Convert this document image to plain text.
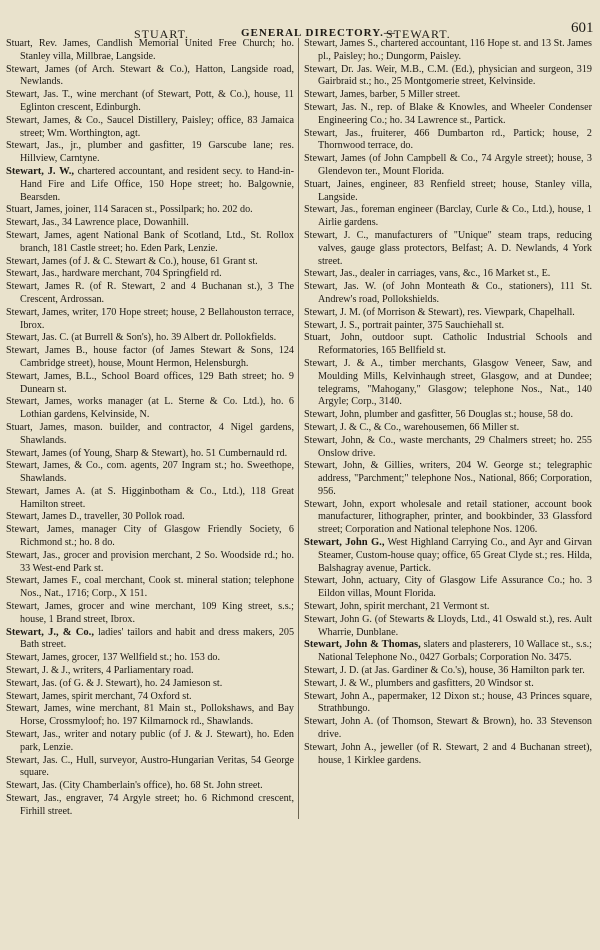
STUART.	GENERAL DIRECTORY.—
STEWART.	601

Stuart, Rev. James, Candlish Memorial United Free Church; ho. Stanley villa, Millbrae, Langside.

Stewart, James (of Arch. Stewart & Co.), Hatton, Langside road, Newlands.

Stewart, Jas. T., wine merchant (of Stewart, Pott, & Co.), house, 11 Eglinton crescent, Edinburgh.

Stewart, James, & Co., Saucel Distillery, Paisley; office, 83 Jamaica street; Wm. Worthington, agt.

Stewart, Jas., jr., plumber and gasfitter, 19 Garscube lane; res. Hillview, Carntyne.

Stewart, J. W., chartered accountant, and resident secy. to Hand-in-Hand Fire and Life Office, 150 Hope street; ho. Balgownie, Bearsden.

Stuart, James, joiner, 114 Saracen st., Possilpark; ho. 202 do.

Stewart, Jas., 34 Lawrence place, Dowanhill.

Stewart, James, agent National Bank of Scotland, Ltd., St. Rollox branch, 181 Castle street; ho. Eden Park, Lenzie.

Stewart, James (of J. & C. Stewart & Co.), house, 61 Grant st.

Stewart, Jas., hardware merchant, 704 Springfield rd.

Stewart, James R. (of R. Stewart, 2 and 4 Buchanan st.), 3 The Crescent, Ardrossan.

Stewart, James, writer, 170 Hope street; house, 2 Bellahouston terrace, Ibrox.

Stewart, Jas. C. (at Burrell & Son's), ho. 39 Albert dr. Pollokfields.

Stewart, James B., house factor (of James Stewart & Sons, 124 Cambridge street), house, Mount Hermon, Helensburgh.

Stewart, James, B.L., School Board offices, 129 Bath street; ho. 9 Dunearn st.

Stewart, James, works manager (at L. Sterne & Co. Ltd.), ho. 6 Lothian gardens, Kelvinside, N.

Stuart, James, mason. builder, and contractor, 4 Nigel gardens, Shawlands.

Stewart, James (of Young, Sharp & Stewart), ho. 51 Cumbernauld rd.

Stewart, James, & Co., com. agents, 207 Ingram st.; ho. Sweethope, Shawlands.

Stewart, James A. (at S. Higginbotham & Co., Ltd.), 118 Great Hamilton street.

Stewart, James D., traveller, 30 Pollok road.

Stewart, James, manager City of Glasgow Friendly Society, 6 Richmond st.; ho. 8 do.

Stewart, Jas., grocer and provision merchant, 2 So. Woodside rd.; ho. 33 West-end Park st.

Stewart, James F., coal merchant, Cook st. mineral station; telephone Nos., Nat., 1716; Corp., X 151.

Stewart, James, grocer and wine merchant, 109 King street, s.s.; house, 1 Brand street, Ibrox.

Stewart, J., & Co., ladies' tailors and habit and dress makers, 205 Bath street.

Stewart, James, grocer, 137 Wellfield st.; ho. 153 do.

Stewart, J. & J., writers, 4 Parliamentary road.

Stewart, Jas. (of G. & J. Stewart), ho. 24 Jamieson st.

Stewart, James, spirit merchant, 74 Oxford st.

Stewart, James, wine merchant, 81 Main st., Pollokshaws, and Bay Horse, Crossmyloof; ho. 197 Kilmarnock rd., Shawlands.

Stewart, Jas., writer and notary public (of J. & J. Stewart), ho. Eden park, Lenzie.

Stewart, Jas. C., Hull, surveyor, Austro-Hungarian Veritas, 54 George square.

Stewart, Jas. (City Chamberlain's office), ho. 68 St. John street.

Stewart, Jas., engraver, 74 Argyle street; ho. 6 Richmond crescent, Firhill street.

Stewart, James S., chartered accountant, 116 Hope st. and 13 St. James pl., Paisley; ho.; Dungorm, Paisley.

Stewart, Dr. Jas. Weir, M.B., C.M. (Ed.), physician and surgeon, 319 Gairbraid st.; ho., 25 Montgomerie street, Kelvinside.

Stewart, James, barber, 5 Miller street.

Stewart, Jas. N., rep. of Blake & Knowles, and Wheeler Condenser Engineering Co.; ho. 34 Lawrence st., Partick.

Stewart, Jas., fruiterer, 466 Dumbarton rd., Partick; house, 2 Thornwood terrace, do.

Stewart, James (of John Campbell & Co., 74 Argyle street); house, 3 Glendevon ter., Mount Florida.

Stuart, Jaines, engineer, 83 Renfield street; house, Stanley villa, Langside.

Stewart, Jas., foreman engineer (Barclay, Curle & Co., Ltd.), house, 1 Airlie gardens.

Stewart, J. C., manufacturers of "Unique" steam traps, reducing valves, gauge glass protectors, Belfast; A. D. Newlands, 4 York street.

Stewart, Jas., dealer in carriages, vans, &c., 16 Market st., E.

Stewart, Jas. W. (of John Monteath & Co., stationers), 111 St. Andrew's road, Pollokshields.

Stewart, J. M. (of Morrison & Stewart), res. Viewpark, Chapelhall.

Stewart, J. S., portrait painter, 375 Sauchiehall st.

Stuart, John, outdoor supt. Catholic Industrial Schools and Reformatories, 165 Bellfield st.

Stewart, J. & A., timber merchants, Glasgow Veneer, Saw, and Moulding Mills, Kelvinhaugh street, Glasgow, and at Dundee; telegrams, "Mahogany," Glasgow; telephone Nos., Nat., 140 Argyle; Corp., 3140.

Stewart, John, plumber and gasfitter, 56 Douglas st.; house, 58 do.

Stewart, J. & C., & Co., warehousemen, 66 Miller st.

Stewart, John, & Co., waste merchants, 29 Chalmers street; ho. 255 Onslow drive.

Stewart, John, & Gillies, writers, 204 W. George st.; telegraphic address, "Parchment;" telephone Nos., National, 866; Corporation, 956.

Stewart, John, export wholesale and retail stationer, account book manufacturer, lithographer, printer, and bookbinder, 33 Glassford street; Corporation and National telephone Nos. 1206.

Stewart, John G., West Highland Carrying Co., and Ayr and Girvan Steamer, Custom-house quay; office, 65 Great Clyde st.; res. Hilda, Balshagray avenue, Partick.

Stewart, John, actuary, City of Glasgow Life Assurance Co.; ho. 3 Eildon villas, Mount Florida.

Stewart, John, spirit merchant, 21 Vermont st.

Stewart, John G. (of Stewarts & Lloyds, Ltd., 41 Oswald st.), res. Ault Wharrie, Dunblane.

Stewart, John & Thomas, slaters and plasterers, 10 Wallace st., s.s.; National Telephone No., 0427 Gorbals; Corporation No. 3475.

Stewart, J. D. (at Jas. Gardiner & Co.'s), house, 36 Hamilton park ter.

Stewart, J. & W., plumbers and gasfitters, 20 Windsor st.

Stewart, John A., papermaker, 12 Dixon st.; house, 43 Princes square, Strathbungo.

Stewart, John A. (of Thomson, Stewart & Brown), ho. 33 Stevenson drive.

Stewart, John A., jeweller (of R. Stewart, 2 and 4 Buchanan street), house, 1 Kirklee gardens.
